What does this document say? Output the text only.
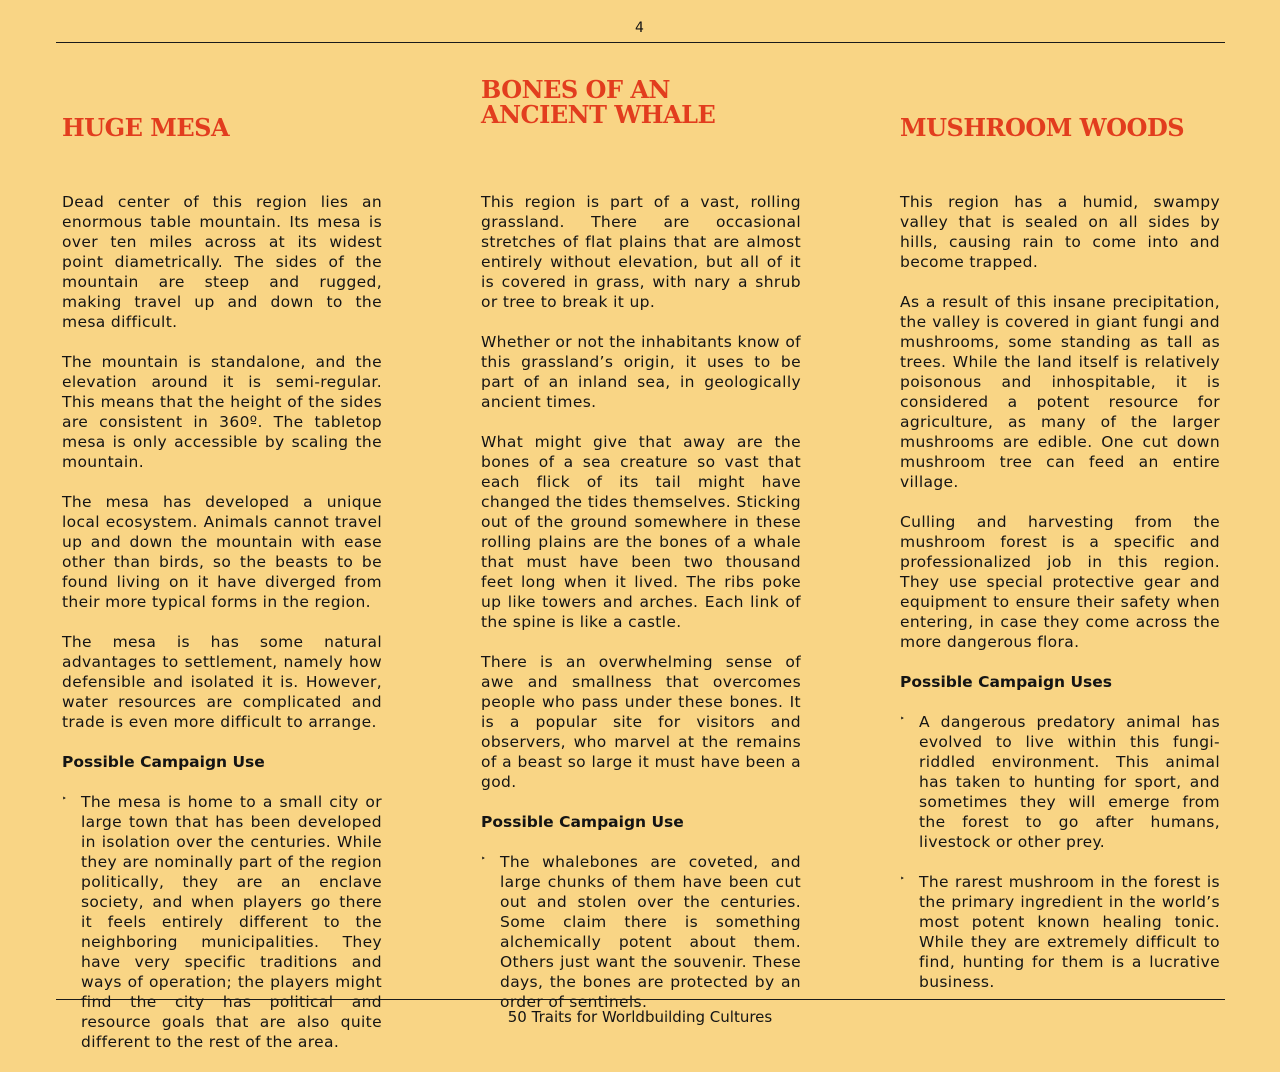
4
HUGE MESA

Dead center of this region lies an enormous table mountain. Its mesa is over ten miles across at its widest point diametrically. The sides of the mountain are steep and rugged, making travel up and down to the mesa difficult.

The mountain is standalone, and the elevation around it is semi-regular. This means that the height of the sides are consistent in 360º. The tabletop mesa is only accessible by scaling the mountain.

The mesa has developed a unique local ecosystem. Animals cannot travel up and down the mountain with ease other than birds, so the beasts to be found living on it have diverged from their more typical forms in the region.

The mesa is has some natural advantages to settlement, namely how defensible and isolated it is. However, water resources are complicated and trade is even more difficult to arrange.

Possible Campaign Use
‣ The mesa is home to a small city or large town that has been developed in isolation over the centuries. While they are nominally part of the region politically, they are an enclave society, and when players go there it feels entirely different to the neighboring municipalities. They have very specific traditions and ways of operation; the players might find the city has political and resource goals that are also quite different to the rest of the area.
BONES OF AN ANCIENT WHALE

This region is part of a vast, rolling grassland. There are occasional stretches of flat plains that are almost entirely without elevation, but all of it is covered in grass, with nary a shrub or tree to break it up.

Whether or not the inhabitants know of this grassland’s origin, it uses to be part of an inland sea, in geologically ancient times.

What might give that away are the bones of a sea creature so vast that each flick of its tail might have changed the tides themselves. Sticking out of the ground somewhere in these rolling plains are the bones of a whale that must have been two thousand feet long when it lived. The ribs poke up like towers and arches. Each link of the spine is like a castle.

There is an overwhelming sense of awe and smallness that overcomes people who pass under these bones. It is a popular site for visitors and observers, who marvel at the remains of a beast so large it must have been a god.

Possible Campaign Use
‣ The whalebones are coveted, and large chunks of them have been cut out and stolen over the centuries. Some claim there is something alchemically potent about them. Others just want the souvenir. These days, the bones are protected by an order of sentinels.
MUSHROOM WOODS

This region has a humid, swampy valley that is sealed on all sides by hills, causing rain to come into and become trapped.

As a result of this insane precipitation, the valley is covered in giant fungi and mushrooms, some standing as tall as trees. While the land itself is relatively poisonous and inhospitable, it is considered a potent resource for agriculture, as many of the larger mushrooms are edible. One cut down mushroom tree can feed an entire village.

Culling and harvesting from the mushroom forest is a specific and professionalized job in this region. They use special protective gear and equipment to ensure their safety when entering, in case they come across the more dangerous flora.

Possible Campaign Uses
‣ A dangerous predatory animal has evolved to live within this fungi-riddled environment. This animal has taken to hunting for sport, and sometimes they will emerge from the forest to go after humans, livestock or other prey.
‣ The rarest mushroom in the forest is the primary ingredient in the world’s most potent known healing tonic. While they are extremely difficult to find, hunting for them is a lucrative business.
50 Traits for Worldbuilding Cultures
